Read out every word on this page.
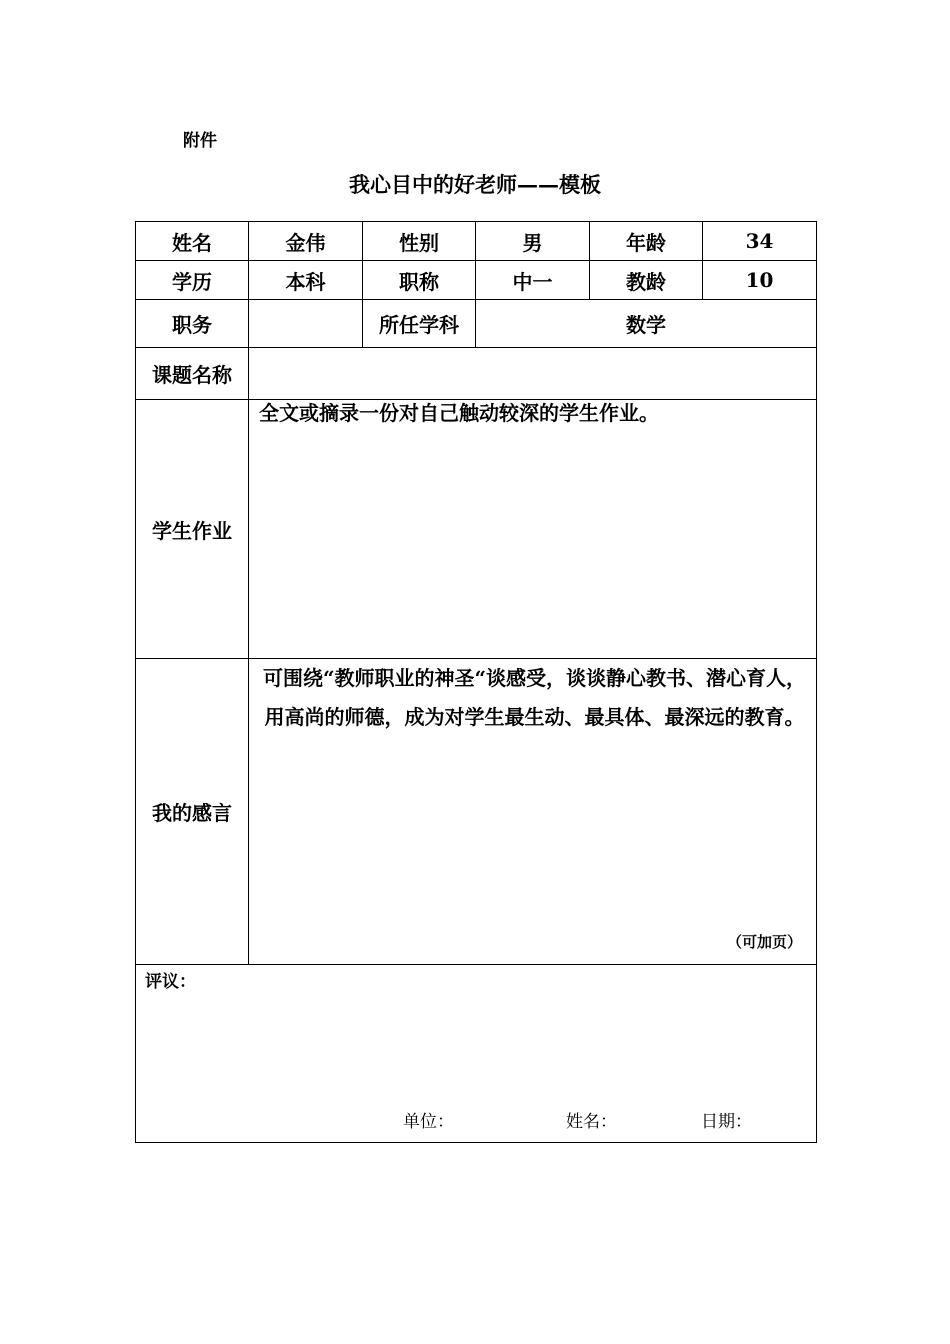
附件
我心目中的好老师——模板
姓名	金伟	性别	男	年龄	34
学历	本科	职称	中一	教龄	10
职务		所任学科	数学		
课题名称					
学生作业	全文或摘录一份对自己触动较深的学生作业。				

我的感言	可围绕“教师职业的神圣“谈感受，谈谈静心教书、潜心育人，用高尚的师德，成为对学生最生动、最具体、最深远的教育。
（可加页）				

评议：
单位： 姓名： 日期：					
